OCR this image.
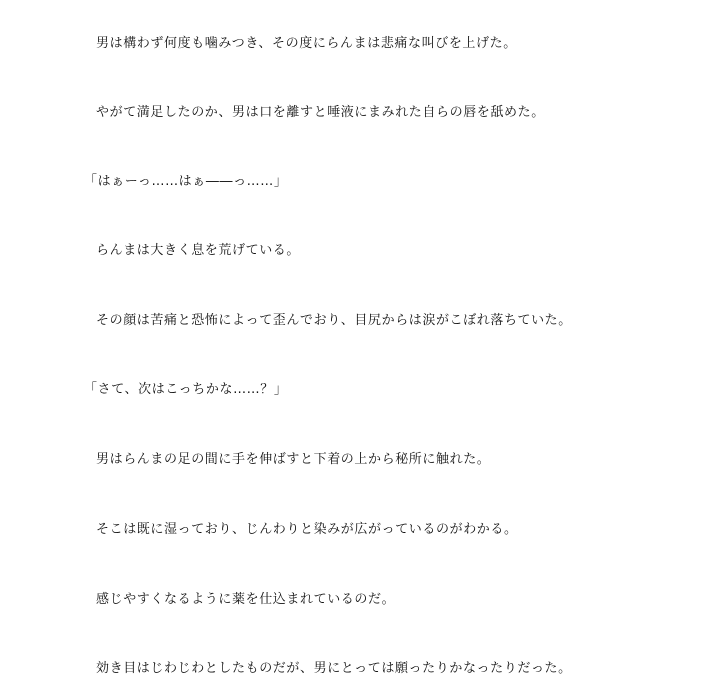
男は構わず何度も噛みつき、その度にらんまは悲痛な叫びを上げた。
やがて満足したのか、男は口を離すと唾液にまみれた自らの唇を舐めた。
「はぁーっ……はぁ――っ……」
らんまは大きく息を荒げている。
その顔は苦痛と恐怖によって歪んでおり、目尻からは涙がこぼれ落ちていた。
「さて、次はこっちかな……？」
男はらんまの足の間に手を伸ばすと下着の上から秘所に触れた。
そこは既に湿っており、じんわりと染みが広がっているのがわかる。
感じやすくなるように薬を仕込まれているのだ。
効き目はじわじわとしたものだが、男にとっては願ったりかなったりだった。
